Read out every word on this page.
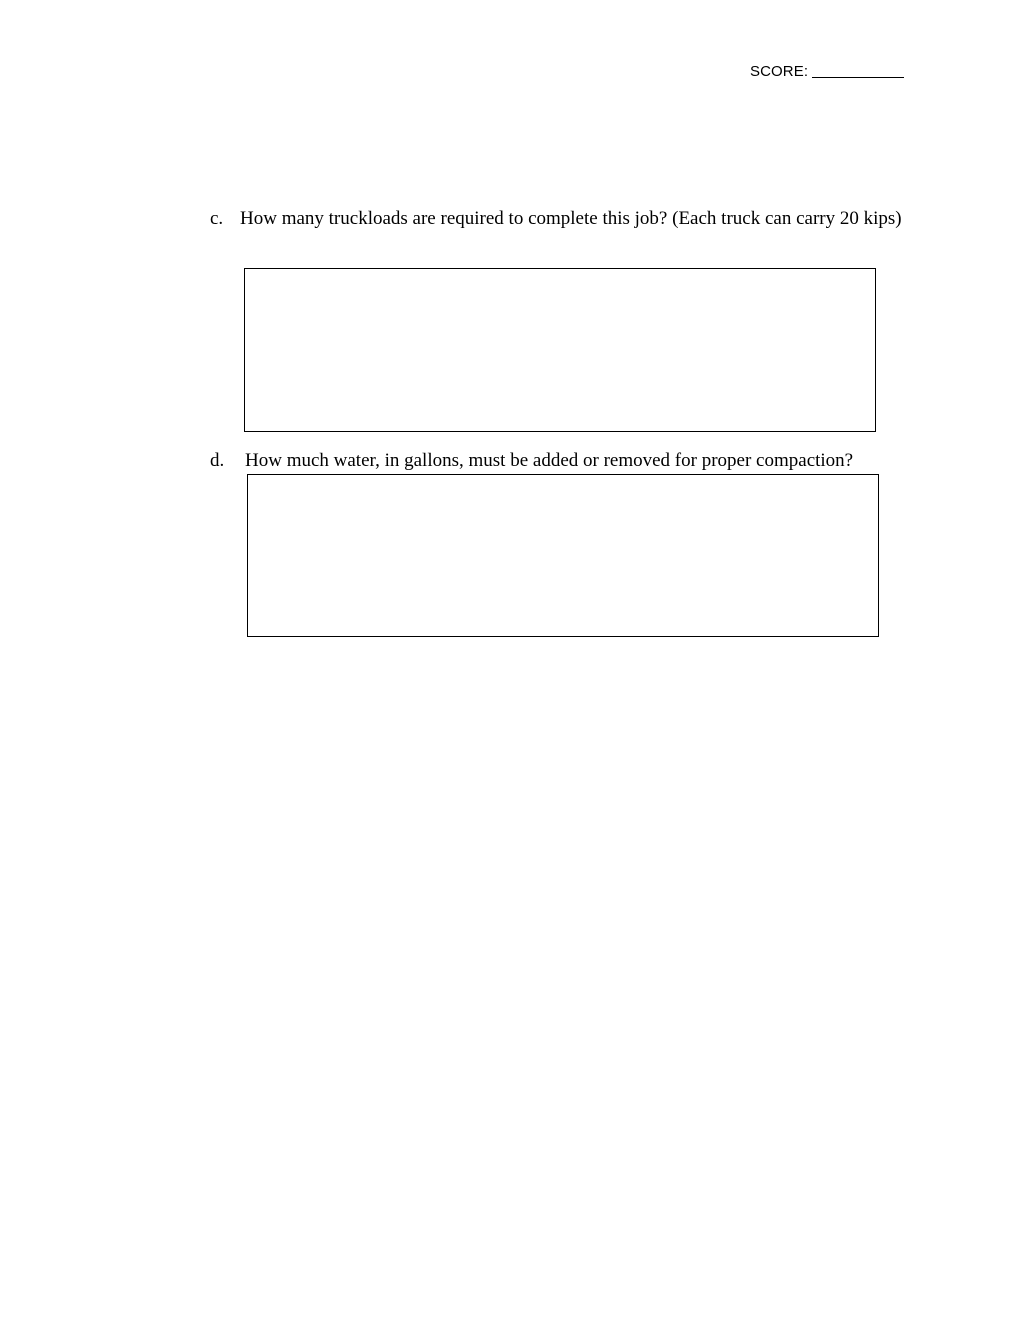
SCORE:
c. How many truckloads are required to complete this job? (Each truck can carry 20 kips)
d. How much water, in gallons, must be added or removed for proper compaction?
